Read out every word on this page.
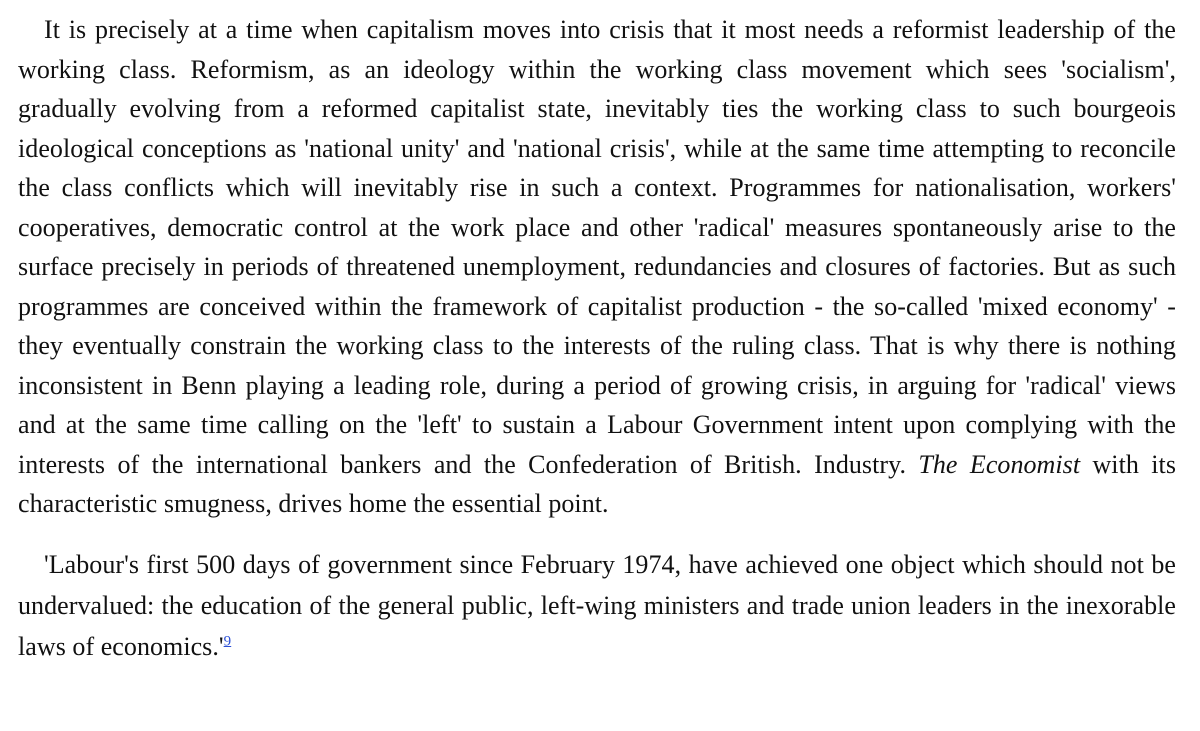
It is precisely at a time when capitalism moves into crisis that it most needs a reformist leadership of the working class. Reformism, as an ideology within the working class movement which sees 'socialism', gradually evolving from a reformed capitalist state, inevitably ties the working class to such bourgeois ideological conceptions as 'national unity' and 'national crisis', while at the same time attempting to reconcile the class conflicts which will inevitably rise in such a context. Programmes for nationalisation, workers' cooperatives, democratic control at the work place and other 'radical' measures spontaneously arise to the surface precisely in periods of threatened unemployment, redundancies and closures of factories. But as such programmes are conceived within the framework of capitalist production - the so-called 'mixed economy' - they eventually constrain the working class to the interests of the ruling class. That is why there is nothing inconsistent in Benn playing a leading role, during a period of growing crisis, in arguing for 'radical' views and at the same time calling on the 'left' to sustain a Labour Government intent upon complying with the interests of the international bankers and the Confederation of British. Industry. The Economist with its characteristic smugness, drives home the essential point.

'Labour's first 500 days of government since February 1974, have achieved one object which should not be undervalued: the education of the general public, left-wing ministers and trade union leaders in the inexorable laws of economics.'$^9$
